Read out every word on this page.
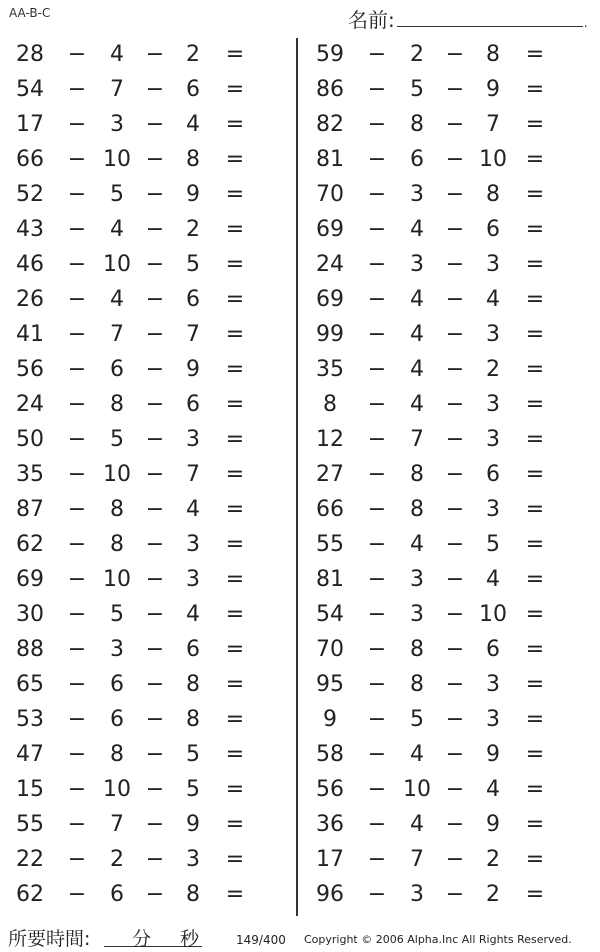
AA-B-C	名前:	.
28	−	4 − 2	=
54	−	7 − 6	=
17	−	3 − 4	=
66	− 10 − 8	=
52	−	5 − 9	=
43	−	4 − 2	=
46	− 10 − 5	=
26	−	4 − 6	=
41	−	7 − 7	=
56	−	6 − 9	=
24	−	8 − 6	=
50	−	5 − 3	=
35	− 10 − 7	=
87	−	8 − 4	=
62	−	8 − 3	=
69	− 10 − 3	=
30	−	5 − 4	=
88	−	3 − 6	=
65	−	6 − 8	=
53	−	6 − 8	=
47	−	8 − 5	=
15	− 10 − 5	=
55	−	7 − 9	=
22	−	2 − 3	=
62	−	6 − 8	=
59	−	2 − 8	=
86	−	5 − 9	=
82	−	8 − 7	=
81	−	6 − 10 =
70	−	3 − 8	=
69	−	4 − 6	=
24	−	3 − 3	=
69	−	4 − 4	=
99	−	4 − 3	=
35	−	4 − 2	=
8	−	4 − 3	=
12	−	7 − 3	=
27	−	8 − 6	=
66	−	8 − 3	=
55	−	4 − 5	=
81	−	3 − 4	=
54	−	3 − 10 =
70	−	8 − 6	=
95	−	8 − 3	=
9	−	5 − 3	=
58	−	4 − 9	=
56	− 10 − 4	=
36	−	4 − 9	=
17	−	7 − 2	=
96	−	3 − 2	=
所要時間: 分 秒	149/400 Copyright © 2006 Alpha.Inc All Rights Reserved.
